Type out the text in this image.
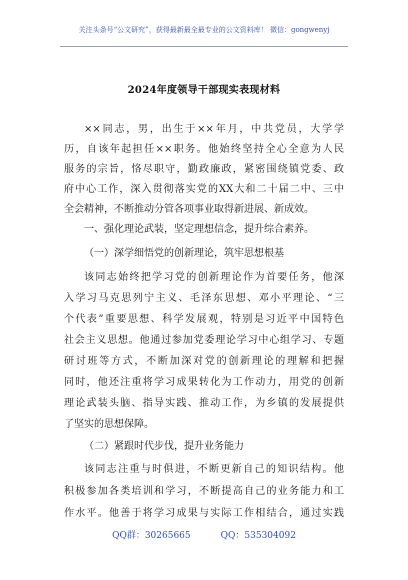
关注头条号“公文研究”，获得最新最全最专业的公文资料库！ 微信：gongwenyj
2024年度领导干部现实表现材料
××同志，男，出生于××年月，中共党员，大学学
历，自该年起担任××职务。他始终坚持全心全意为人民
服务的宗旨，恪尽职守，勤政廉政，紧密围绕镇党委、政
府中心工作，深入贯彻落实党的XX大和二十届二中、三中
全会精神，不断推动分管各项事业取得新进展、新成效。
一、强化理论武装，坚定理想信念，提升综合素养。
（一）深学细悟党的创新理论，筑牢思想根基
该同志始终把学习党的创新理论作为首要任务，他深
入学习马克思列宁主义、毛泽东思想、邓小平理论、“三
个代表”重要思想、科学发展观，特别是习近平中国特色
社会主义思想。他通过参加党委理论学习中心组学习、专题
研讨班等方式，不断加深对党的创新理论的理解和把握
同时，他还注重将学习成果转化为工作动力，用党的创新
理论武装头脑、指导实践、推动工作，为乡镇的发展提供
了坚实的思想保障。
（二）紧跟时代步伐，提升业务能力
该同志注重与时俱进，不断更新自己的知识结构。他
积极参加各类培训和学习，不断提高自己的业务能力和工
作水平。他善于将学习成果与实际工作相结合，通过实践
QQ群：30265665	QQ：535304092
